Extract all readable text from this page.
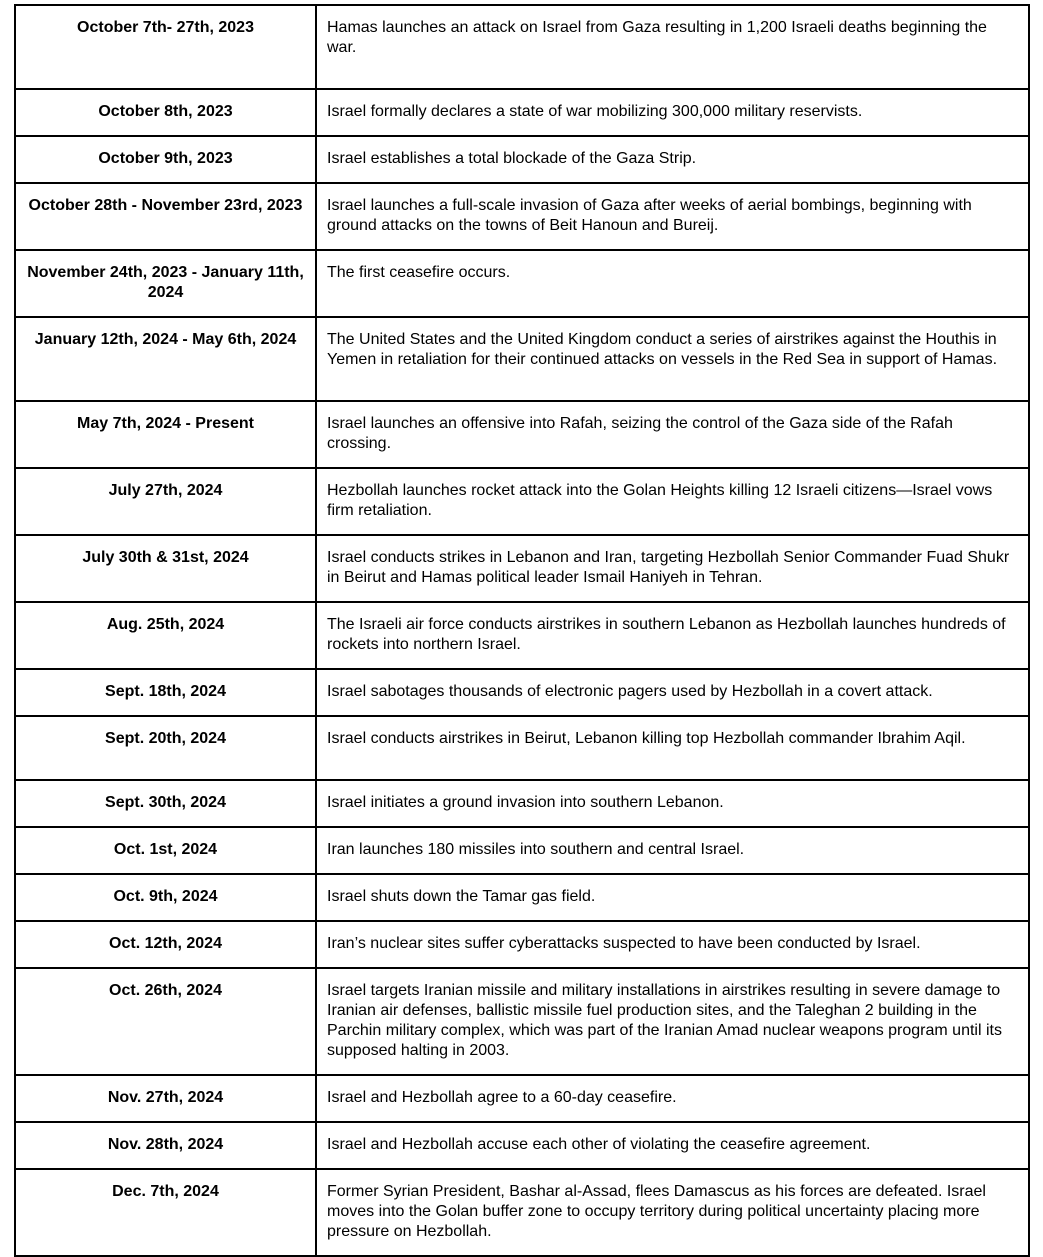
October 7th- 27th, 2023	Hamas launches an attack on Israel from Gaza resulting in 1,200 Israeli deaths beginning the war.
October 8th, 2023	Israel formally declares a state of war mobilizing 300,000 military reservists.
October 9th, 2023	Israel establishes a total blockade of the Gaza Strip.
October 28th - November 23rd, 2023	Israel launches a full-scale invasion of Gaza after weeks of aerial bombings, beginning with ground attacks on the towns of Beit Hanoun and Bureij.
November 24th, 2023 - January 11th, 2024	The first ceasefire occurs.
January 12th, 2024 - May 6th, 2024	The United States and the United Kingdom conduct a series of airstrikes against the Houthis in Yemen in retaliation for their continued attacks on vessels in the Red Sea in support of Hamas.
May 7th, 2024 - Present	Israel launches an offensive into Rafah, seizing the control of the Gaza side of the Rafah crossing.
July 27th, 2024	Hezbollah launches rocket attack into the Golan Heights killing 12 Israeli citizens—Israel vows firm retaliation.
July 30th & 31st, 2024	Israel conducts strikes in Lebanon and Iran, targeting Hezbollah Senior Commander Fuad Shukr in Beirut and Hamas political leader Ismail Haniyeh in Tehran.
Aug. 25th, 2024	The Israeli air force conducts airstrikes in southern Lebanon as Hezbollah launches hundreds of rockets into northern Israel.
Sept. 18th, 2024	Israel sabotages thousands of electronic pagers used by Hezbollah in a covert attack.
Sept. 20th, 2024	Israel conducts airstrikes in Beirut, Lebanon killing top Hezbollah commander Ibrahim Aqil.
Sept. 30th, 2024	Israel initiates a ground invasion into southern Lebanon.
Oct. 1st, 2024	Iran launches 180 missiles into southern and central Israel.
Oct. 9th, 2024	Israel shuts down the Tamar gas field.
Oct. 12th, 2024	Iran’s nuclear sites suffer cyberattacks suspected to have been conducted by Israel.
Oct. 26th, 2024	Israel targets Iranian missile and military installations in airstrikes resulting in severe damage to Iranian air defenses, ballistic missile fuel production sites, and the Taleghan 2 building in the Parchin military complex, which was part of the Iranian Amad nuclear weapons program until its supposed halting in 2003.
Nov. 27th, 2024	Israel and Hezbollah agree to a 60-day ceasefire.
Nov. 28th, 2024	Israel and Hezbollah accuse each other of violating the ceasefire agreement.
Dec. 7th, 2024	Former Syrian President, Bashar al-Assad, flees Damascus as his forces are defeated. Israel moves into the Golan buffer zone to occupy territory during political uncertainty placing more pressure on Hezbollah.
